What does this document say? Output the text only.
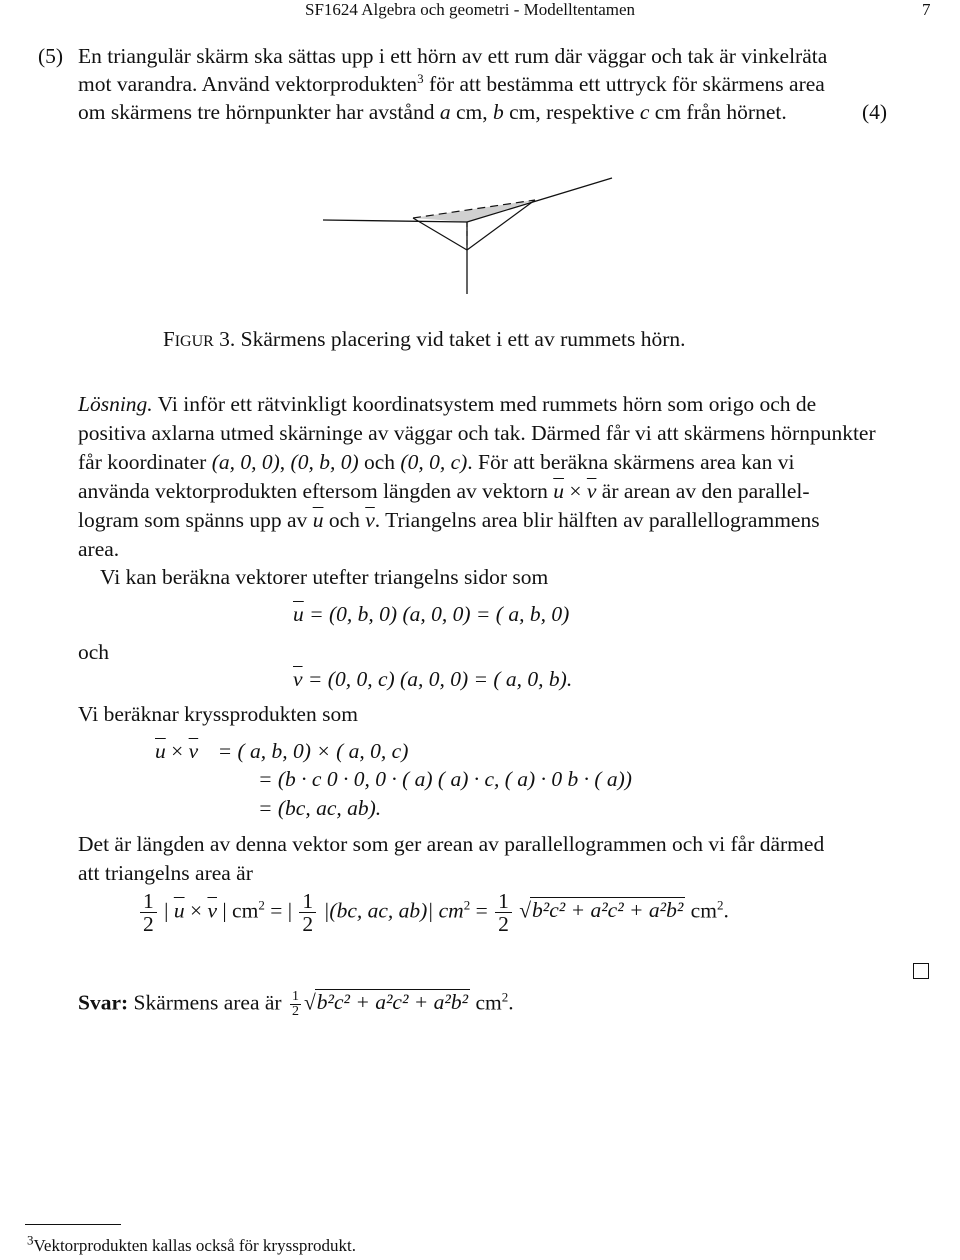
SF1624 Algebra och geometri - Modelltentamen	7
(5) En triangulär skärm ska sättas upp i ett hörn av ett rum där väggar och tak är vinkelräta
mot varandra. Använd vektorprodukten$^3$ för att bestämma ett uttryck för skärmens area
om skärmens tre hörnpunkter har avstånd a cm, b cm, respektive c cm från hörnet.	(4)
FIGUR 3. Skärmens placering vid taket i ett av rummets hörn.
Lösning. Vi inför ett rätvinkligt koordinatsystem med rummets hörn som origo och de
positiva axlarna utmed skärninge av väggar och tak. Därmed får vi att skärmens hörnpunkter
får koordinater (a, 0, 0), (0, b, 0) och (0, 0, c). För att beräkna skärmens area kan vi
använda vektorprodukten eftersom längden av vektorn $\overline{u} \times \overline{v}$ är arean av den parallel-
logram som spänns upp av $\overline{u}$ och $\overline{v}$. Triangelns area blir hälften av parallellogrammens
area.
Vi kan beräkna vektorer utefter triangelns sidor som
$\overline{u} = (0$, b, 0) (a, 0, 0) = ( a, b, 0)
och
$\overline{v} = (0$, 0, c) (a, 0, 0) = ( a, 0, b).
Vi beräknar kryssprodukten som
$\overline{u} \times \overline{v}$ = ( a, b, 0) × ( a, 0, c)
= (b · c 0 · 0, 0 · ( a) ( a) · c, ( a) · 0 b · ( a))
= (bc, ac, ab).
Det är längden av denna vektor som ger arean av parallellogrammen och vi får därmed
att triangelns area är
$\frac{1}{2}$ | $\overline{u} \times \overline{v}$ | $cm^2$ = | $\frac{1}{2} |(bc$, ac, ab)| $cm^2 = \frac{1}{2} √b^2c^2 + a^2c^2 + a^2b^2$ $cm^2$.
Svar: Skärmens area är $\frac{1}{2} √b^2c^2 + a^2c^2 + a^2b^2$ $cm^2$.
$^3$Vektorprodukten kallas också för kryssprodukt.
